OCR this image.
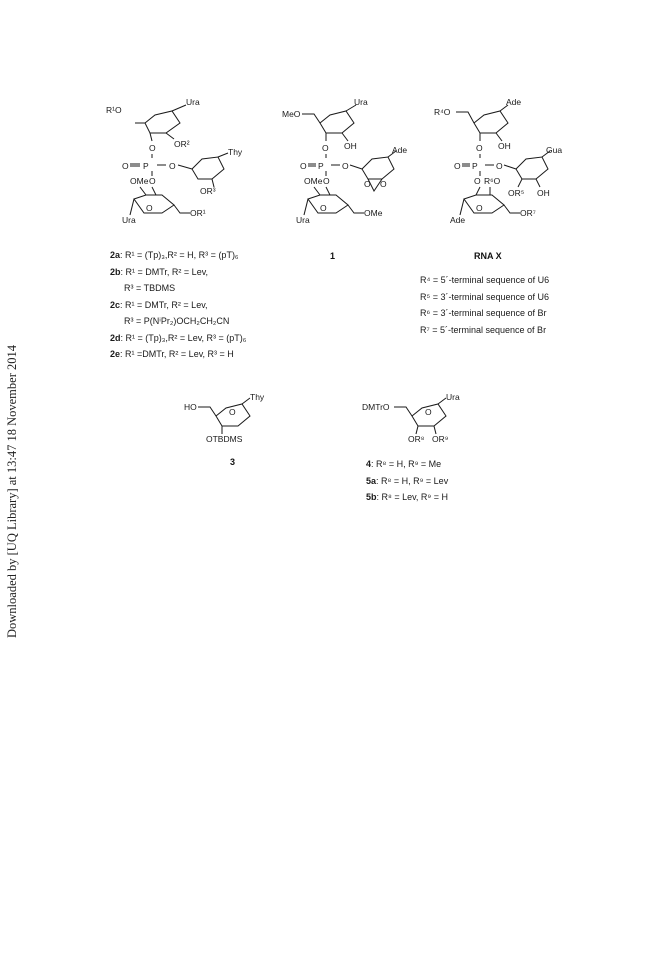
Downloaded by [UQ Library] at 13:47 18 November 2014
Ura
R¹O
OR²
O
O P O
Thy
OR³
OMe O
O
Ura
OR¹
MeO
Ura
OH
O
O P O
Ade
O O
OMe O
O
Ura
OMe
R⁴O
Ade
OH
O
O P O
Gua
OR⁵ OH
O R⁶O
O
Ade
OR⁷
1	RNA X
2a: R¹ = (Tp)₃,R² = H, R³ = (pT)₆
2b: R¹ = DMTr, R² = Lev,
R³ = TBDMS
2c: R¹ = DMTr, R² = Lev,
R³ = P(NⁱPr₂)OCH₂CH₂CN
2d: R¹ = (Tp)₃,R² = Lev, R³ = (pT)₆
2e: R¹ =DMTr, R² = Lev, R³ = H
R⁴ = 5´-terminal sequence of U6
R⁵ = 3´-terminal sequence of U6
R⁶ = 3´-terminal sequence of Br
R⁷ = 5´-terminal sequence of Br
HO
Thy
O
OTBDMS
3
DMTrO
Ura
O
OR⁸ OR⁹
4: R⁸ = H, R⁹ = Me
5a: R⁸ = H, R⁹ = Lev
5b: R⁸ = Lev, R⁹ = H
